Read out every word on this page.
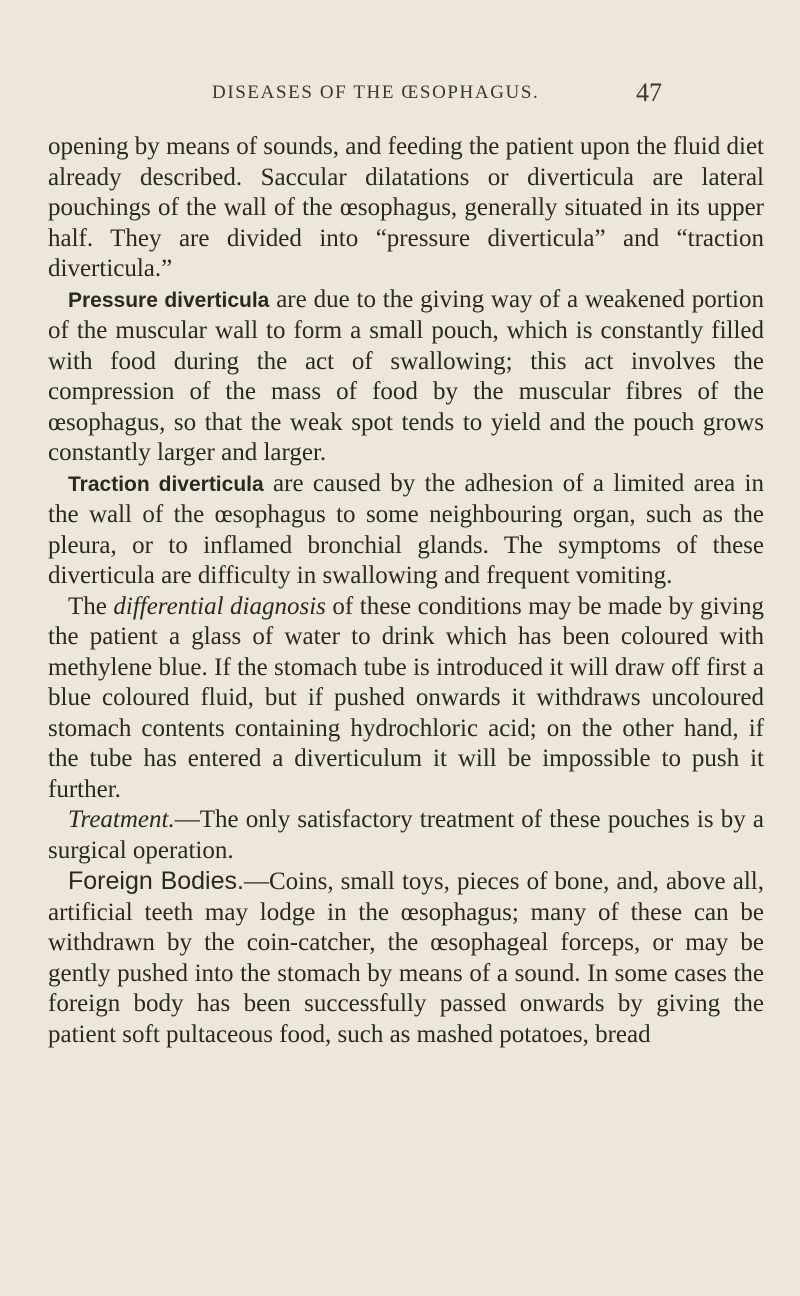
DISEASES OF THE ŒSOPHAGUS.	47

opening by means of sounds, and feeding the patient upon the fluid diet already described. Saccular dilatations or diverticula are lateral pouchings of the wall of the œsophagus, generally situated in its upper half. They are divided into “pressure diverticula” and “traction diverticula.”

Pressure diverticula are due to the giving way of a weakened portion of the muscular wall to form a small pouch, which is constantly filled with food during the act of swallowing; this act involves the compression of the mass of food by the muscular fibres of the œsophagus, so that the weak spot tends to yield and the pouch grows constantly larger and larger.

Traction diverticula are caused by the adhesion of a limited area in the wall of the œsophagus to some neighbouring organ, such as the pleura, or to inflamed bronchial glands. The symptoms of these diverticula are difficulty in swallowing and frequent vomiting.

The differential diagnosis of these conditions may be made by giving the patient a glass of water to drink which has been coloured with methylene blue. If the stomach tube is introduced it will draw off first a blue coloured fluid, but if pushed onwards it withdraws uncoloured stomach contents containing hydrochloric acid; on the other hand, if the tube has entered a diverticulum it will be impossible to push it further.

Treatment.—The only satisfactory treatment of these pouches is by a surgical operation.

Foreign Bodies.—Coins, small toys, pieces of bone, and, above all, artificial teeth may lodge in the œsophagus; many of these can be withdrawn by the coin-catcher, the œsophageal forceps, or may be gently pushed into the stomach by means of a sound. In some cases the foreign body has been successfully passed onwards by giving the patient soft pultaceous food, such as mashed potatoes, bread
